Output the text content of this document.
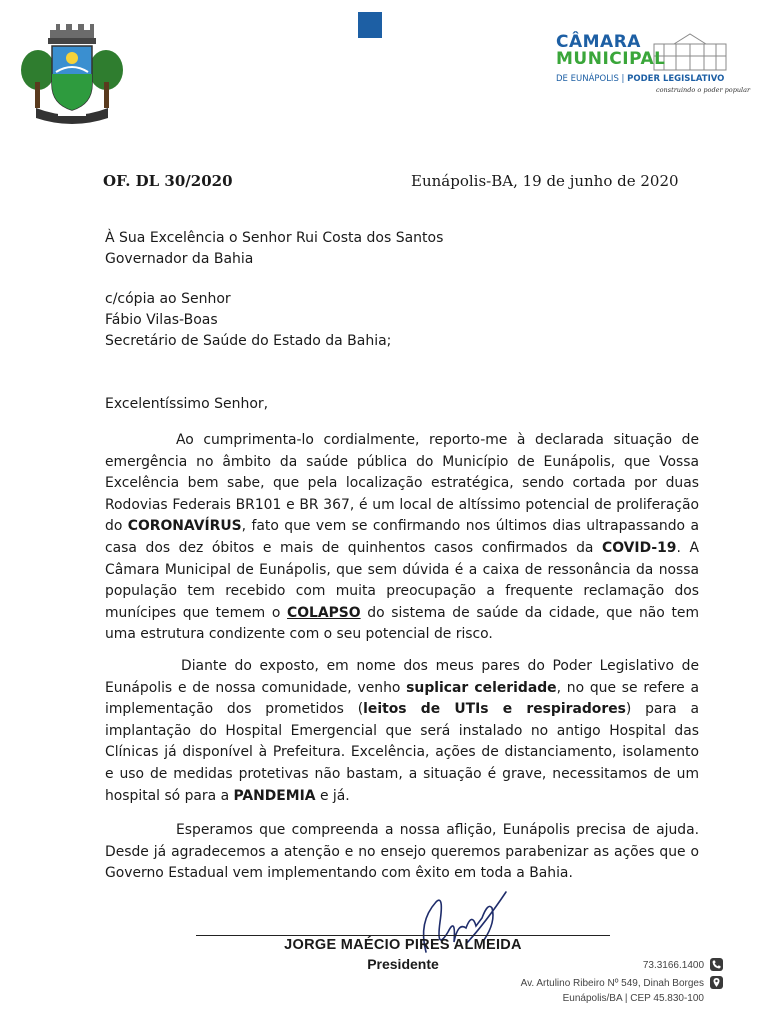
CÂMARA
MUNICIPAL
DE EUNÁPOLIS | PODER LEGISLATIVO
construindo o poder popular
OF. DL 30/2020	Eunápolis-BA, 19 de junho de 2020
À Sua Excelência o Senhor Rui Costa dos Santos
Governador da Bahia
c/cópia ao Senhor
Fábio Vilas-Boas
Secretário de Saúde do Estado da Bahia;
Excelentíssimo Senhor,

Ao cumprimenta-lo cordialmente, reporto-me à declarada situação de emergência no âmbito da saúde pública do Município de Eunápolis, que Vossa Excelência bem sabe, que pela localização estratégica, sendo cortada por duas Rodovias Federais BR101 e BR 367, é um local de altíssimo potencial de proliferação do CORONAVÍRUS, fato que vem se confirmando nos últimos dias ultrapassando a casa dos dez óbitos e mais de quinhentos casos confirmados da COVID-19. A Câmara Municipal de Eunápolis, que sem dúvida é a caixa de ressonância da nossa população tem recebido com muita preocupação a frequente reclamação dos munícipes que temem o COLAPSO do sistema de saúde da cidade, que não tem uma estrutura condizente com o seu potencial de risco.

Diante do exposto, em nome dos meus pares do Poder Legislativo de Eunápolis e de nossa comunidade, venho suplicar celeridade, no que se refere a implementação dos prometidos (leitos de UTIs e respiradores) para a implantação do Hospital Emergencial que será instalado no antigo Hospital das Clínicas já disponível à Prefeitura. Excelência, ações de distanciamento, isolamento e uso de medidas protetivas não bastam, a situação é grave, necessitamos de um hospital só para a PANDEMIA e já.

Esperamos que compreenda a nossa aflição, Eunápolis precisa de ajuda. Desde já agradecemos a atenção e no ensejo queremos parabenizar as ações que o Governo Estadual vem implementando com êxito em toda a Bahia.

JORGE MAÉCIO PIRES ALMEIDA
Presidente	73.3166.1400
Av. Artulino Ribeiro Nº 549, Dinah Borges
Eunápolis/BA | CEP 45.830-100
